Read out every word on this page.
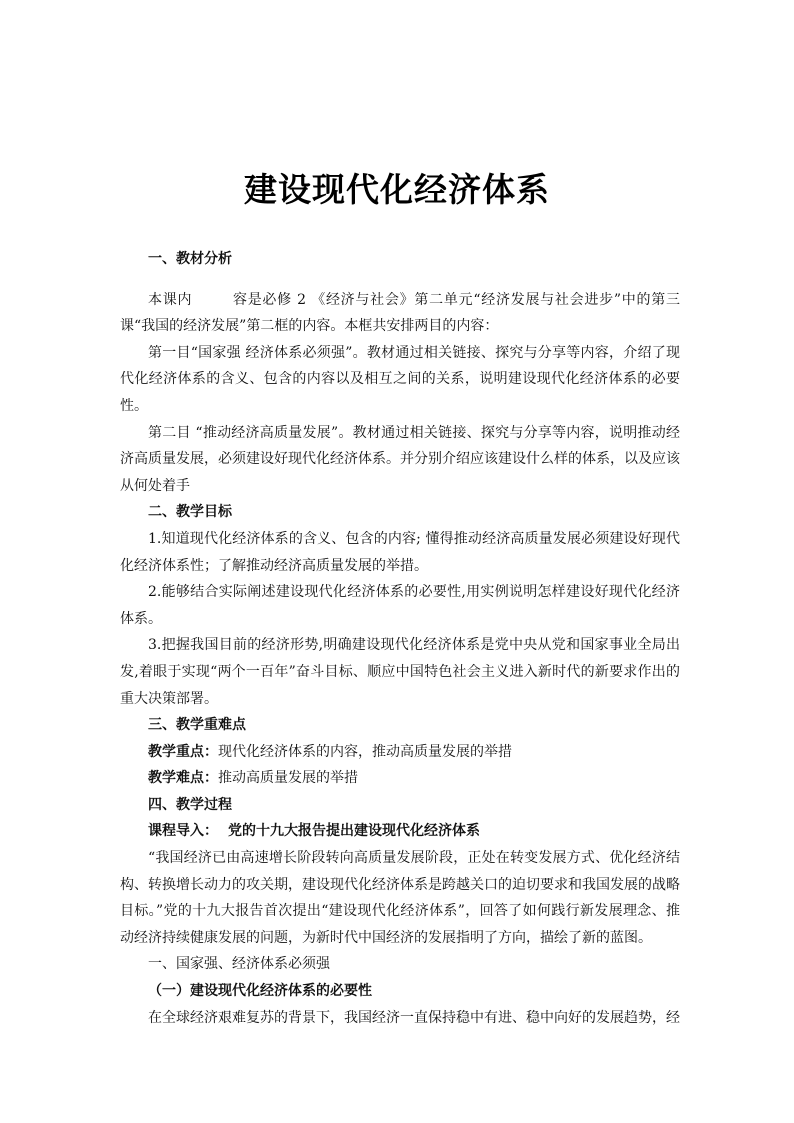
建设现代化经济体系

一、教材分析

本课内	容是必修 2 《经济与社会》第二单元“经济发展与社会进步”中的第三课“我国的经济发展”第二框的内容。本框共安排两目的内容：

第一目“国家强 经济体系必须强”。教材通过相关链接、探究与分享等内容，介绍了现代化经济体系的含义、包含的内容以及相互之间的关系，说明建设现代化经济体系的必要性。

第二目 “推动经济高质量发展”。教材通过相关链接、探究与分享等内容，说明推动经济高质量发展，必须建设好现代化经济体系。并分别介绍应该建设什么样的体系，以及应该从何处着手

二、教学目标

1.知道现代化经济体系的含义、包含的内容; 懂得推动经济高质量发展必须建设好现代化经济体系性；了解推动经济高质量发展的举措。

2.能够结合实际阐述建设现代化经济体系的必要性,用实例说明怎样建设好现代化经济体系。

3.把握我国目前的经济形势,明确建设现代化经济体系是党中央从党和国家事业全局出发,着眼于实现“两个一百年”奋斗目标、顺应中国特色社会主义进入新时代的新要求作出的重大决策部署。

三、教学重难点

教学重点：现代化经济体系的内容，推动高质量发展的举措

教学难点：推动高质量发展的举措

四、教学过程

课程导入： 党的十九大报告提出建设现代化经济体系

“我国经济已由高速增长阶段转向高质量发展阶段，正处在转变发展方式、优化经济结构、转换增长动力的攻关期，建设现代化经济体系是跨越关口的迫切要求和我国发展的战略目标。”党的十九大报告首次提出“建设现代化经济体系”，回答了如何践行新发展理念、推动经济持续健康发展的问题，为新时代中国经济的发展指明了方向，描绘了新的蓝图。

一、国家强、经济体系必须强

（一）建设现代化经济体系的必要性

在全球经济艰难复苏的背景下，我国经济一直保持稳中有进、稳中向好的发展趋势，经
